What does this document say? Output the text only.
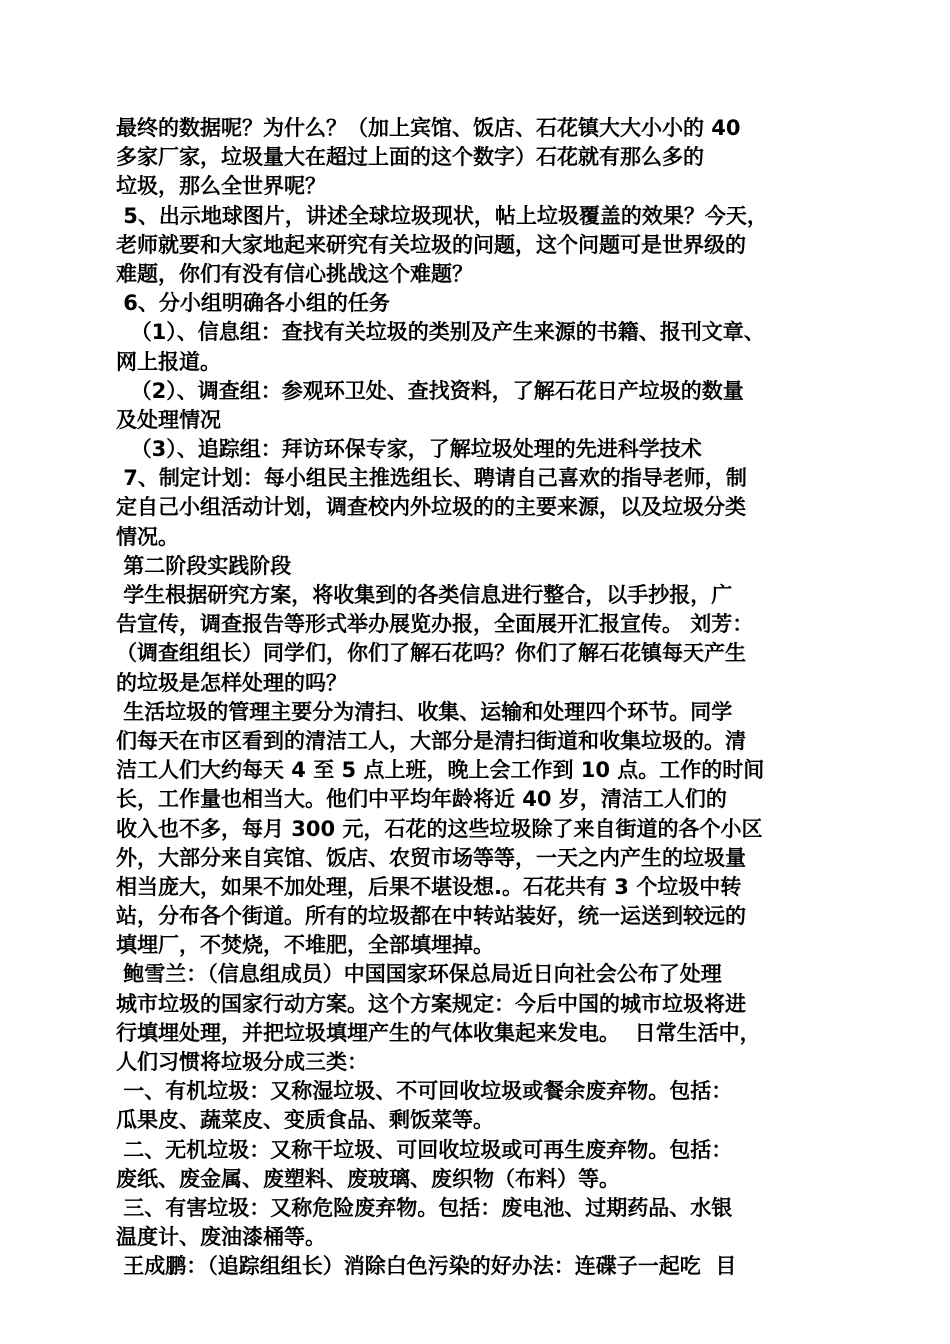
最终的数据呢？为什么？（加上宾馆、饭店、石花镇大大小小的 40
多家厂家，垃圾量大在超过上面的这个数字）石花就有那么多的
垃圾，那么全世界呢？
5、出示地球图片，讲述全球垃圾现状，帖上垃圾覆盖的效果？今天，
老师就要和大家地起来研究有关垃圾的问题，这个问题可是世界级的
难题，你们有没有信心挑战这个难题？
6、分小组明确各小组的任务
（1）、信息组：查找有关垃圾的类别及产生来源的书籍、报刊文章、
网上报道。
（2）、调查组：参观环卫处、查找资料，了解石花日产垃圾的数量
及处理情况
（3）、追踪组：拜访环保专家，了解垃圾处理的先进科学技术
7、制定计划：每小组民主推选组长、聘请自己喜欢的指导老师，制
定自己小组活动计划，调查校内外垃圾的的主要来源，以及垃圾分类
情况。
第二阶段实践阶段
学生根据研究方案，将收集到的各类信息进行整合，以手抄报，广
告宣传，调查报告等形式举办展览办报，全面展开汇报宣传。 刘芳：
（调查组组长）同学们，你们了解石花吗？你们了解石花镇每天产生
的垃圾是怎样处理的吗？
生活垃圾的管理主要分为清扫、收集、运输和处理四个环节。同学
们每天在市区看到的清洁工人，大部分是清扫街道和收集垃圾的。清
洁工人们大约每天 4 至 5 点上班，晚上会工作到 10 点。工作的时间
长，工作量也相当大。他们中平均年龄将近 40 岁，清洁工人们的
收入也不多，每月 300 元，石花的这些垃圾除了来自街道的各个小区
外，大部分来自宾馆、饭店、农贸市场等等，一天之内产生的垃圾量
相当庞大，如果不加处理，后果不堪设想.。石花共有 3 个垃圾中转
站，分布各个街道。所有的垃圾都在中转站装好，统一运送到较远的
填埋厂，不焚烧，不堆肥，全部填埋掉。
鲍雪兰：（信息组成员）中国国家环保总局近日向社会公布了处理
城市垃圾的国家行动方案。这个方案规定：今后中国的城市垃圾将进
行填埋处理，并把垃圾填埋产生的气体收集起来发电。  日常生活中，
人们习惯将垃圾分成三类：
一、有机垃圾：又称湿垃圾、不可回收垃圾或餐余废弃物。包括：
瓜果皮、蔬菜皮、变质食品、剩饭菜等。
二、无机垃圾：又称干垃圾、可回收垃圾或可再生废弃物。包括：
废纸、废金属、废塑料、废玻璃、废织物（布料）等。
三、有害垃圾：又称危险废弃物。包括：废电池、过期药品、水银
温度计、废油漆桶等。
王成鹏：（追踪组组长）消除白色污染的好办法：连碟子一起吃  目
